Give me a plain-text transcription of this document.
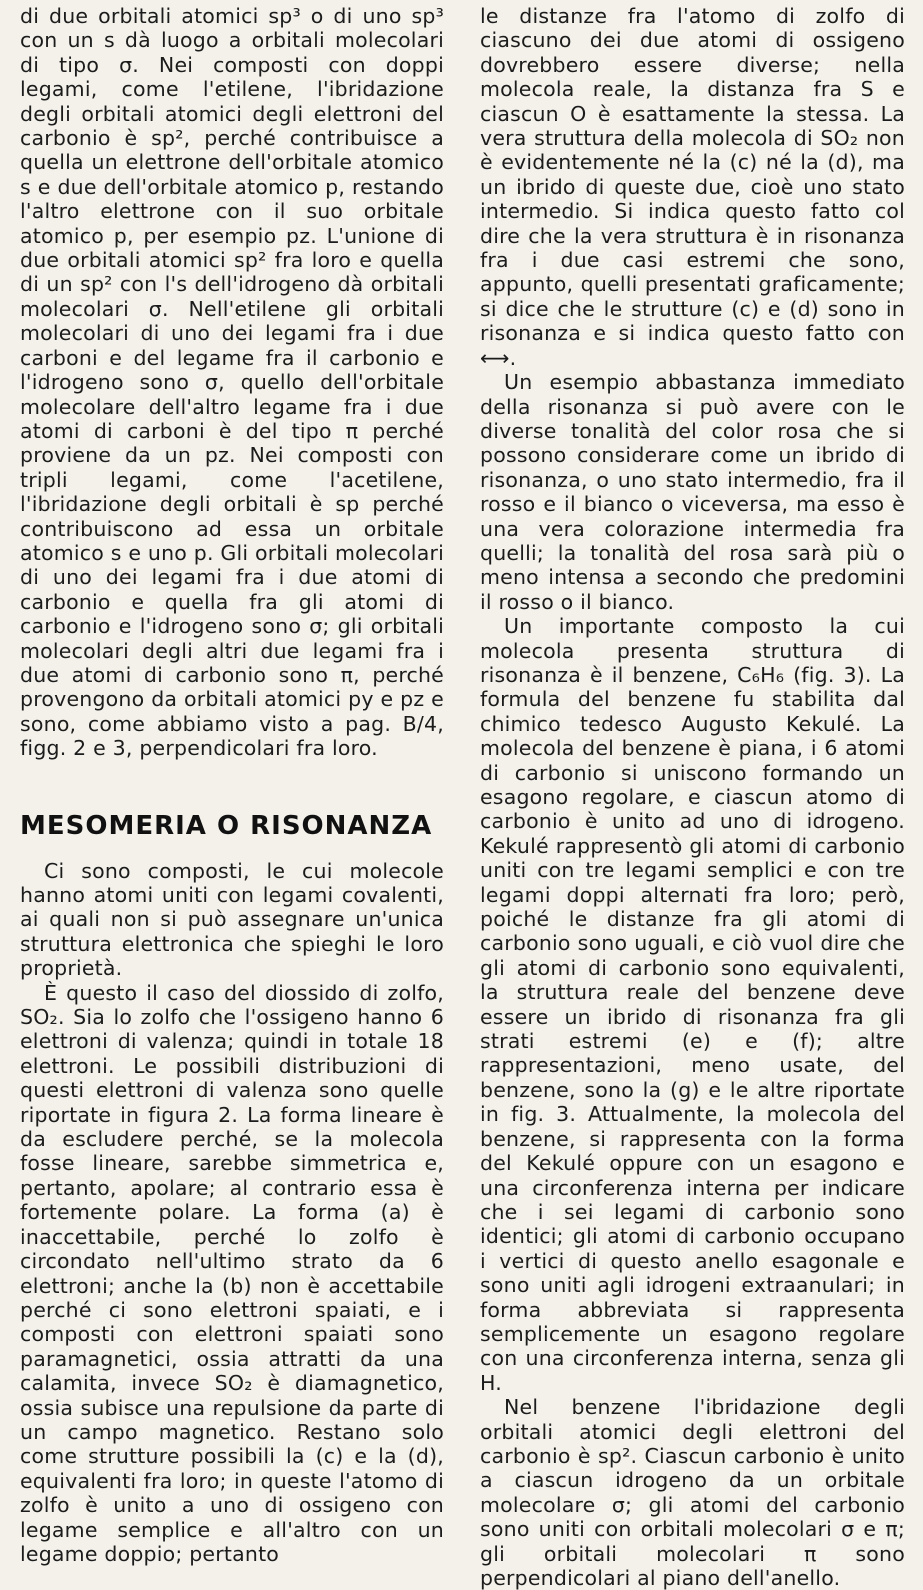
di due orbitali atomici sp³ o di uno sp³ con un s dà luogo a orbitali molecolari di tipo σ. Nei composti con doppi legami, come l'etilene, l'ibridazione degli orbitali atomici degli elettroni del carbonio è sp², perché contribuisce a quella un elettrone dell'orbitale atomico s e due dell'orbitale atomico p, restando l'altro elettrone con il suo orbitale atomico p, per esempio pz. L'unione di due orbitali atomici sp² fra loro e quella di un sp² con l's dell'idrogeno dà orbitali molecolari σ. Nell'etilene gli orbitali molecolari di uno dei legami fra i due carboni e del legame fra il carbonio e l'idrogeno sono σ, quello dell'orbitale molecolare dell'altro legame fra i due atomi di carboni è del tipo π perché proviene da un pz. Nei composti con tripli legami, come l'acetilene, l'ibridazione degli orbitali è sp perché contribuiscono ad essa un orbitale atomico s e uno p. Gli orbitali molecolari di uno dei legami fra i due atomi di carbonio e quella fra gli atomi di carbonio e l'idrogeno sono σ; gli orbitali molecolari degli altri due legami fra i due atomi di carbonio sono π, perché provengono da orbitali atomici py e pz e sono, come abbiamo visto a pag. B/4, figg. 2 e 3, perpendicolari fra loro.

MESOMERIA O RISONANZA

Ci sono composti, le cui molecole hanno atomi uniti con legami covalenti, ai quali non si può assegnare un'unica struttura elettronica che spieghi le loro proprietà.

È questo il caso del diossido di zolfo, SO₂. Sia lo zolfo che l'ossigeno hanno 6 elettroni di valenza; quindi in totale 18 elettroni. Le possibili distribuzioni di questi elettroni di valenza sono quelle riportate in figura 2. La forma lineare è da escludere perché, se la molecola fosse lineare, sarebbe simmetrica e, pertanto, apolare; al contrario essa è fortemente polare. La forma (a) è inaccettabile, perché lo zolfo è circondato nell'ultimo strato da 6 elettroni; anche la (b) non è accettabile perché ci sono elettroni spaiati, e i composti con elettroni spaiati sono paramagnetici, ossia attratti da una calamita, invece SO₂ è diamagnetico, ossia subisce una repulsione da parte di un campo magnetico. Restano solo come strutture possibili la (c) e la (d), equivalenti fra loro; in queste l'atomo di zolfo è unito a uno di ossigeno con legame semplice e all'altro con un legame doppio; pertanto

le distanze fra l'atomo di zolfo di ciascuno dei due atomi di ossigeno dovrebbero essere diverse; nella molecola reale, la distanza fra S e ciascun O è esattamente la stessa. La vera struttura della molecola di SO₂ non è evidentemente né la (c) né la (d), ma un ibrido di queste due, cioè uno stato intermedio. Si indica questo fatto col dire che la vera struttura è in risonanza fra i due casi estremi che sono, appunto, quelli presentati graficamente; si dice che le strutture (c) e (d) sono in risonanza e si indica questo fatto con ⟷.

Un esempio abbastanza immediato della risonanza si può avere con le diverse tonalità del color rosa che si possono considerare come un ibrido di risonanza, o uno stato intermedio, fra il rosso e il bianco o viceversa, ma esso è una vera colorazione intermedia fra quelli; la tonalità del rosa sarà più o meno intensa a secondo che predomini il rosso o il bianco.

Un importante composto la cui molecola presenta struttura di risonanza è il benzene, C₆H₆ (fig. 3). La formula del benzene fu stabilita dal chimico tedesco Augusto Kekulé. La molecola del benzene è piana, i 6 atomi di carbonio si uniscono formando un esagono regolare, e ciascun atomo di carbonio è unito ad uno di idrogeno. Kekulé rappresentò gli atomi di carbonio uniti con tre legami semplici e con tre legami doppi alternati fra loro; però, poiché le distanze fra gli atomi di carbonio sono uguali, e ciò vuol dire che gli atomi di carbonio sono equivalenti, la struttura reale del benzene deve essere un ibrido di risonanza fra gli strati estremi (e) e (f); altre rappresentazioni, meno usate, del benzene, sono la (g) e le altre riportate in fig. 3. Attualmente, la molecola del benzene, si rappresenta con la forma del Kekulé oppure con un esagono e una circonferenza interna per indicare che i sei legami di carbonio sono identici; gli atomi di carbonio occupano i vertici di questo anello esagonale e sono uniti agli idrogeni extraanulari; in forma abbreviata si rappresenta semplicemente un esagono regolare con una circonferenza interna, senza gli H.

Nel benzene l'ibridazione degli orbitali atomici degli elettroni del carbonio è sp². Ciascun carbonio è unito a ciascun idrogeno da un orbitale molecolare σ; gli atomi del carbonio sono uniti con orbitali molecolari σ e π; gli orbitali molecolari π sono perpendicolari al piano dell'anello.
